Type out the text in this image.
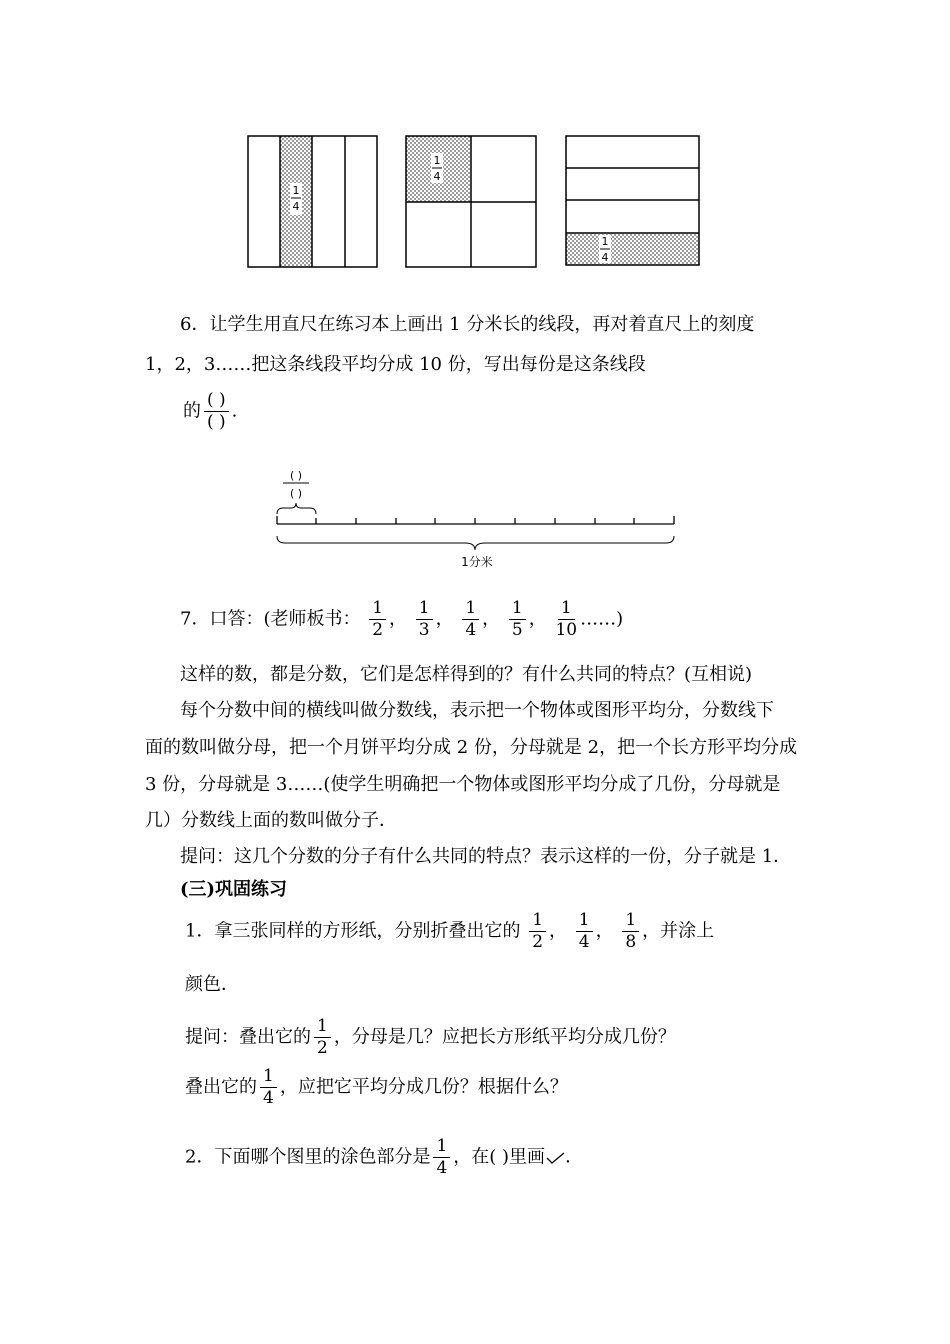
1
4
1
4
1
4
6．让学生用直尺在练习本上画出 1 分米长的线段，再对着直尺上的刻度
1，2，3……把这条线段平均分成 10 份，写出每份是这条线段
的 $\frac{( )}{( )}$ .
( )
( )
1分米
7．口答：(老师板书： $\frac{1}{2}$ ， $\frac{1}{3}$ ， $\frac{1}{4}$ ， $\frac{1}{5}$ ， $\frac{1}{10}$ ……)
这样的数，都是分数，它们是怎样得到的？有什么共同的特点？(互相说)
每个分数中间的横线叫做分数线，表示把一个物体或图形平均分，分数线下
面的数叫做分母，把一个月饼平均分成 2 份，分母就是 2，把一个长方形平均分成
3 份，分母就是 3……(使学生明确把一个物体或图形平均分成了几份，分母就是
几）分数线上面的数叫做分子．
提问：这几个分数的分子有什么共同的特点？表示这样的一份，分子就是 1．
(三)巩固练习
1．拿三张同样的方形纸，分别折叠出它的 $\frac{1}{2}$ ， $\frac{1}{4}$ ， $\frac{1}{8}$ ，并涂上
颜色．
提问：叠出它的 $\frac{1}{2}$ ，分母是几？应把长方形纸平均分成几份？
叠出它的 $\frac{1}{4}$ ，应把它平均分成几份？根据什么？
2．下面哪个图里的涂色部分是 $\frac{1}{4}$ ，在( )里画 ．
